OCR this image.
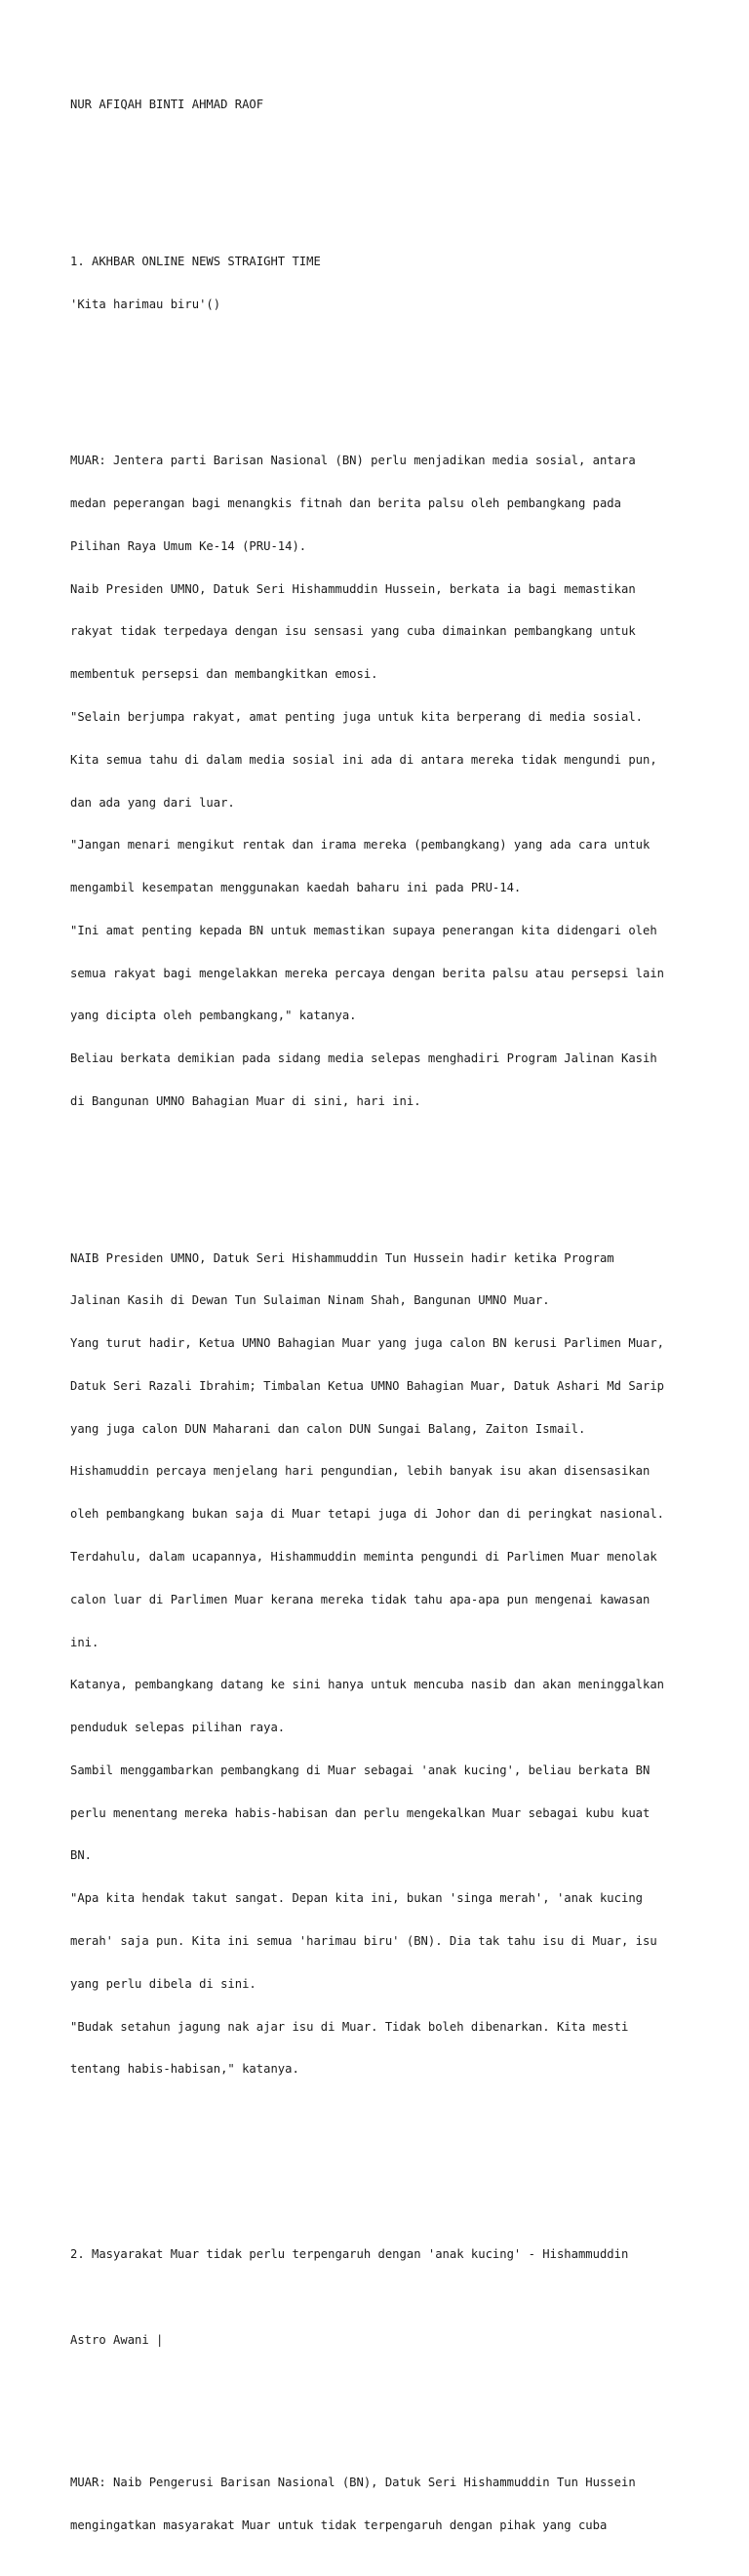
NUR AFIQAH BINTI AHMAD RAOF

1. AKHBAR ONLINE NEWS STRAIGHT TIME

'Kita harimau biru'()

MUAR: Jentera parti Barisan Nasional (BN) perlu menjadikan media sosial, antara

medan peperangan bagi menangkis fitnah dan berita palsu oleh pembangkang pada

Pilihan Raya Umum Ke-14 (PRU-14).

Naib Presiden UMNO, Datuk Seri Hishammuddin Hussein, berkata ia bagi memastikan

rakyat tidak terpedaya dengan isu sensasi yang cuba dimainkan pembangkang untuk

membentuk persepsi dan membangkitkan emosi.

"Selain berjumpa rakyat, amat penting juga untuk kita berperang di media sosial.

Kita semua tahu di dalam media sosial ini ada di antara mereka tidak mengundi pun,

dan ada yang dari luar.

"Jangan menari mengikut rentak dan irama mereka (pembangkang) yang ada cara untuk

mengambil kesempatan menggunakan kaedah baharu ini pada PRU-14.

"Ini amat penting kepada BN untuk memastikan supaya penerangan kita didengari oleh

semua rakyat bagi mengelakkan mereka percaya dengan berita palsu atau persepsi lain

yang dicipta oleh pembangkang," katanya.

Beliau berkata demikian pada sidang media selepas menghadiri Program Jalinan Kasih

di Bangunan UMNO Bahagian Muar di sini, hari ini.

NAIB Presiden UMNO, Datuk Seri Hishammuddin Tun Hussein hadir ketika Program

Jalinan Kasih di Dewan Tun Sulaiman Ninam Shah, Bangunan UMNO Muar.

Yang turut hadir, Ketua UMNO Bahagian Muar yang juga calon BN kerusi Parlimen Muar,

Datuk Seri Razali Ibrahim; Timbalan Ketua UMNO Bahagian Muar, Datuk Ashari Md Sarip

yang juga calon DUN Maharani dan calon DUN Sungai Balang, Zaiton Ismail.

Hishamuddin percaya menjelang hari pengundian, lebih banyak isu akan disensasikan

oleh pembangkang bukan saja di Muar tetapi juga di Johor dan di peringkat nasional.

Terdahulu, dalam ucapannya, Hishammuddin meminta pengundi di Parlimen Muar menolak

calon luar di Parlimen Muar kerana mereka tidak tahu apa-apa pun mengenai kawasan

ini.

Katanya, pembangkang datang ke sini hanya untuk mencuba nasib dan akan meninggalkan

penduduk selepas pilihan raya.

Sambil menggambarkan pembangkang di Muar sebagai 'anak kucing', beliau berkata BN

perlu menentang mereka habis-habisan dan perlu mengekalkan Muar sebagai kubu kuat

BN.

"Apa kita hendak takut sangat. Depan kita ini, bukan 'singa merah', 'anak kucing

merah' saja pun. Kita ini semua 'harimau biru' (BN). Dia tak tahu isu di Muar, isu

yang perlu dibela di sini.

"Budak setahun jagung nak ajar isu di Muar. Tidak boleh dibenarkan. Kita mesti

tentang habis-habisan," katanya.

2. Masyarakat Muar tidak perlu terpengaruh dengan 'anak kucing' - Hishammuddin

Astro Awani |

MUAR: Naib Pengerusi Barisan Nasional (BN), Datuk Seri Hishammuddin Tun Hussein

mengingatkan masyarakat Muar untuk tidak terpengaruh dengan pihak yang cuba
